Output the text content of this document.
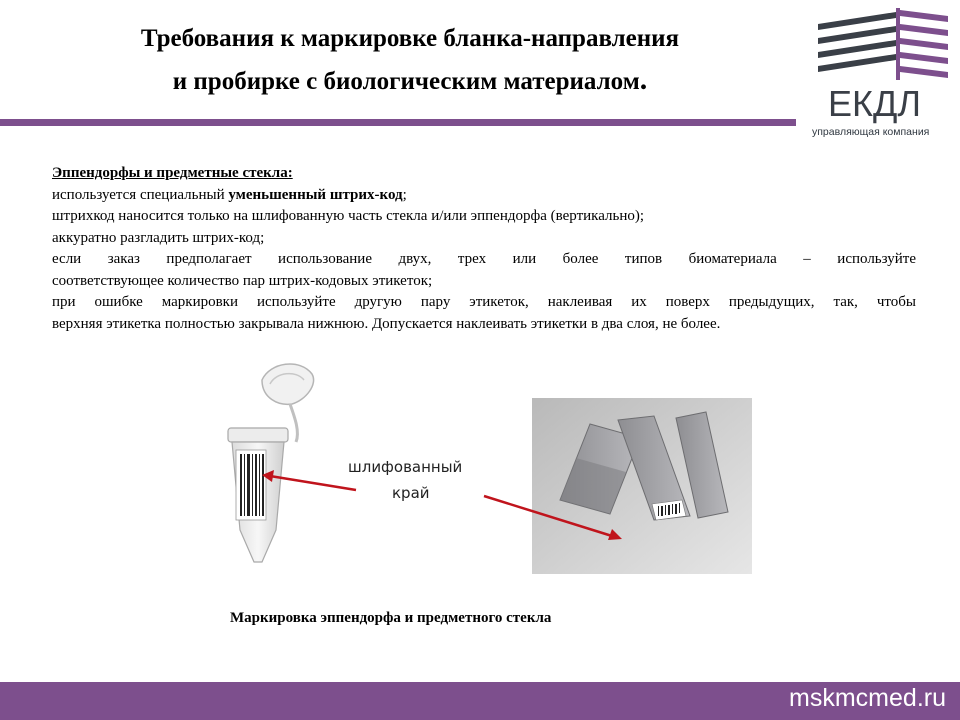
Требования к маркировке бланка-направления
и пробирке с биологическим материалом.
ЕКДЛ
управляющая компания

Эппендорфы и предметные стекла:

используется специальный уменьшенный штрих-код;

штрихкод наносится только на шлифованную часть стекла и/или эппендорфа (вертикально);

аккуратно разгладить штрих-код;

если заказ предполагает использование двух, трех или более типов биоматериала – используйте

соответствующее количество пар штрих-кодовых этикеток;

при ошибке маркировки используйте другую пару этикеток, наклеивая их поверх предыдущих, так, чтобы

верхняя этикетка полностью закрывала нижнюю. Допускается наклеивать этикетки в два слоя, не более.

шлифованный
край
Маркировка эппендорфа и предметного стекла
mskmcmed.ru
